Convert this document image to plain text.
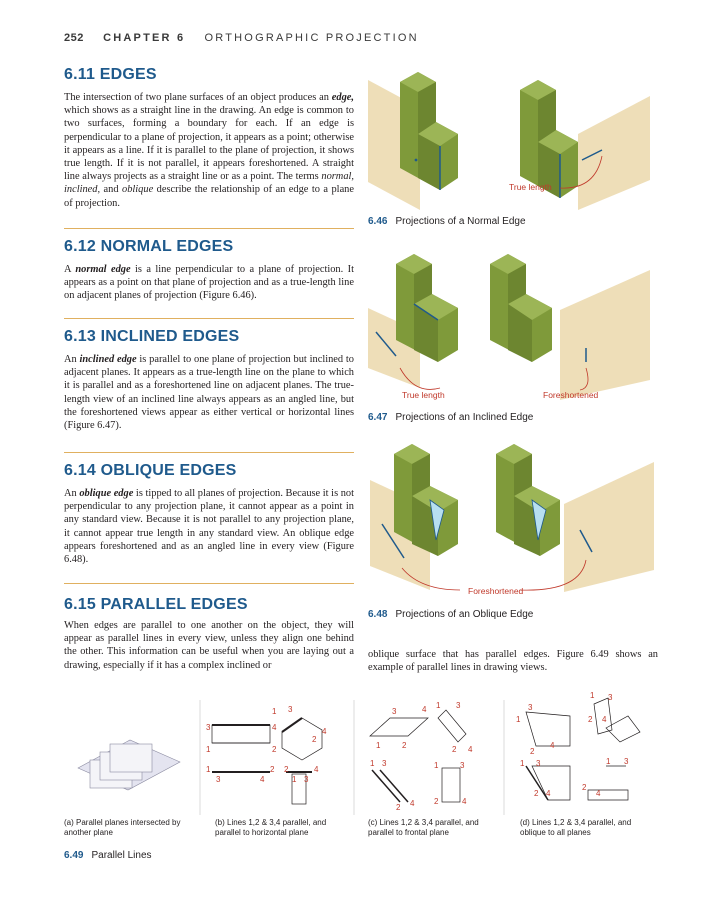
252 CHAPTER 6 ORTHOGRAPHIC PROJECTION
6.11 EDGES
The intersection of two plane surfaces of an object produces an edge, which shows as a straight line in the drawing. An edge is common to two surfaces, forming a boundary for each. If an edge is perpendicular to a plane of projection, it appears as a point; otherwise it appears as a line. If it is parallel to the plane of projection, it shows true length. If it is not parallel, it appears foreshortened. A straight line always projects as a straight line or as a point. The terms normal, inclined, and oblique describe the relationship of an edge to a plane of projection.
6.12 NORMAL EDGES
A normal edge is a line perpendicular to a plane of projection. It appears as a point on that plane of projection and as a true-length line on adjacent planes of projection (Figure 6.46).
6.13 INCLINED EDGES
An inclined edge is parallel to one plane of projection but inclined to adjacent planes. It appears as a true-length line on the plane to which it is parallel and as a foreshortened line on adjacent planes. The true-length view of an inclined line always appears as an angled line, but the foreshortened views appear as either vertical or horizontal lines (Figure 6.47).
6.14 OBLIQUE EDGES
An oblique edge is tipped to all planes of projection. Because it is not perpendicular to any projection plane, it cannot appear as a point in any standard view. Because it is not parallel to any projection plane, it cannot appear true length in any standard view. An oblique edge appears foreshortened and as an angled line in every view (Figure 6.48).
6.15 PARALLEL EDGES
When edges are parallel to one another on the object, they will appear as parallel lines in every view, unless they align one behind the other. This information can be useful when you are laying out a drawing, especially if it has a complex inclined or
oblique surface that has parallel edges. Figure 6.49 shows an example of parallel lines in drawing views.
True length
6.46 Projections of a Normal Edge
True length	Foreshortened
6.47 Projections of an Inclined Edge
Foreshortened
6.48 Projections of an Oblique Edge
3	4
1	2
1 3
4
2
1	2
3	4
2	4
1 3
3	4
1	2
1 3
2 4
1 3
2 4
1	3
2	4
1 3
1
3
4
2
2 4
1 3
2 4
1 3
2
4
(a) Parallel planes intersected by another plane
(b) Lines 1,2 & 3,4 parallel, and parallel to horizontal plane
(c) Lines 1,2 & 3,4 parallel, and parallel to frontal plane
(d) Lines 1,2 & 3,4 parallel, and oblique to all planes
6.49 Parallel Lines
